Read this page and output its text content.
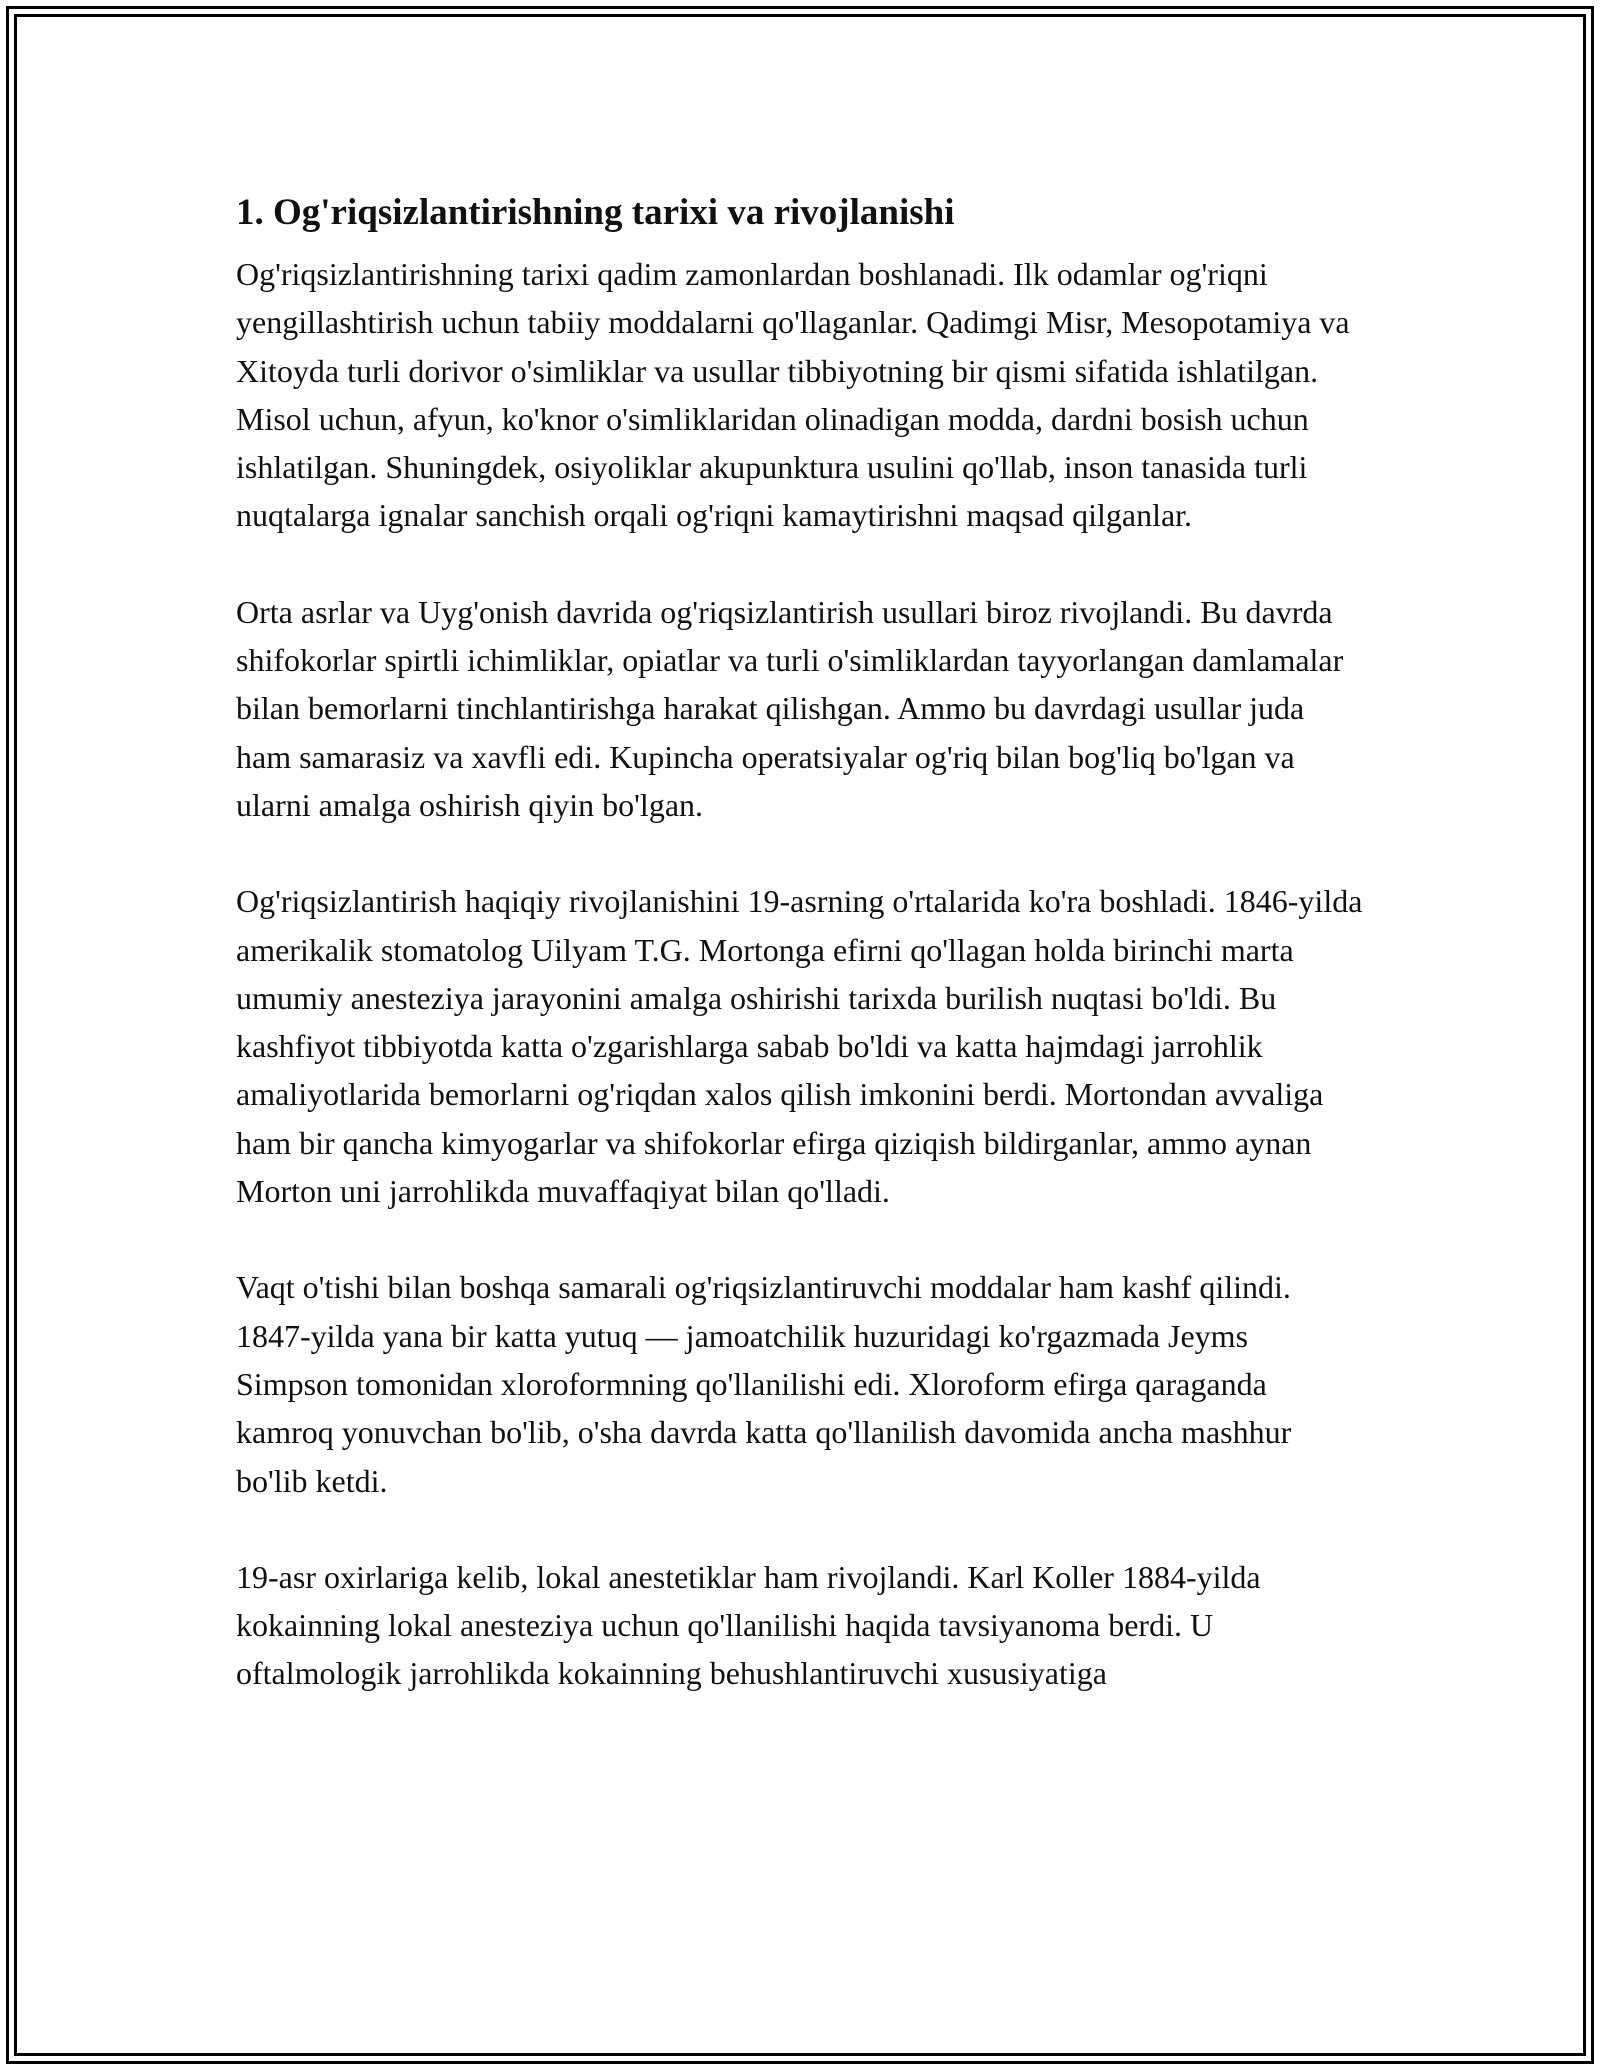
1. Og'riqsizlantirishning tarixi va rivojlanishi

Og'riqsizlantirishning tarixi qadim zamonlardan boshlanadi. Ilk odamlar og'riqni yengillashtirish uchun tabiiy moddalarni qo'llaganlar. Qadimgi Misr, Mesopotamiya va Xitoyda turli dorivor o'simliklar va usullar tibbiyotning bir qismi sifatida ishlatilgan. Misol uchun, afyun, ko'knor o'simliklaridan olinadigan modda, dardni bosish uchun ishlatilgan. Shuningdek, osiyoliklar akupunktura usulini qo'llab, inson tanasida turli nuqtalarga ignalar sanchish orqali og'riqni kamaytirishni maqsad qilganlar.

Orta asrlar va Uyg'onish davrida og'riqsizlantirish usullari biroz rivojlandi. Bu davrda shifokorlar spirtli ichimliklar, opiatlar va turli o'simliklardan tayyorlangan damlamalar bilan bemorlarni tinchlantirishga harakat qilishgan. Ammo bu davrdagi usullar juda ham samarasiz va xavfli edi. Kupincha operatsiyalar og'riq bilan bog'liq bo'lgan va ularni amalga oshirish qiyin bo'lgan.

Og'riqsizlantirish haqiqiy rivojlanishini 19-asrning o'rtalarida ko'ra boshladi. 1846-yilda amerikalik stomatolog Uilyam T.G. Mortonga efirni qo'llagan holda birinchi marta umumiy anesteziya jarayonini amalga oshirishi tarixda burilish nuqtasi bo'ldi. Bu kashfiyot tibbiyotda katta o'zgarishlarga sabab bo'ldi va katta hajmdagi jarrohlik amaliyotlarida bemorlarni og'riqdan xalos qilish imkonini berdi. Mortondan avvaliga ham bir qancha kimyogarlar va shifokorlar efirga qiziqish bildirganlar, ammo aynan Morton uni jarrohlikda muvaffaqiyat bilan qo'lladi.

Vaqt o'tishi bilan boshqa samarali og'riqsizlantiruvchi moddalar ham kashf qilindi. 1847-yilda yana bir katta yutuq — jamoatchilik huzuridagi ko'rgazmada Jeyms Simpson tomonidan xloroformning qo'llanilishi edi. Xloroform efirga qaraganda kamroq yonuvchan bo'lib, o'sha davrda katta qo'llanilish davomida ancha mashhur bo'lib ketdi.

19-asr oxirlariga kelib, lokal anestetiklar ham rivojlandi. Karl Koller 1884-yilda kokainning lokal anesteziya uchun qo'llanilishi haqida tavsiyanoma berdi. U oftalmologik jarrohlikda kokainning behushlantiruvchi xususiyatiga
